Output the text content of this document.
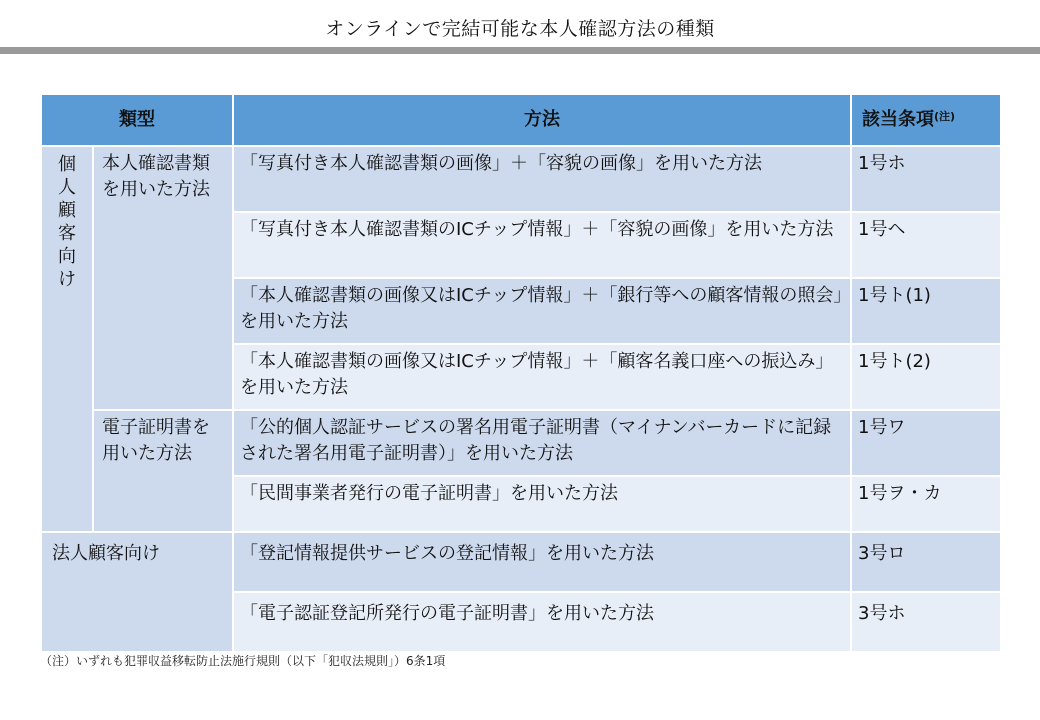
オンラインで完結可能な本人確認方法の種類
類型		方法	該当条項$^{(注)}$

個人顧客向け	本人確認書類を用いた方法	「写真付き本人確認書類の画像」＋「容貌の画像」を用いた方法	1号ホ
		「写真付き本人確認書類のICチップ情報」＋「容貌の画像」を用いた方法	1号ヘ
		「本人確認書類の画像又はICチップ情報」＋「銀行等への顧客情報の照会」を用いた方法	1号ト(1)
		「本人確認書類の画像又はICチップ情報」＋「顧客名義口座への振込み」を用いた方法	1号ト(2)
	電子証明書を用いた方法	「公的個人認証サービスの署名用電子証明書（マイナンバーカードに記録された署名用電子証明書）」を用いた方法	1号ワ
		「民間事業者発行の電子証明書」を用いた方法	1号ヲ・カ
法人顧客向け		「登記情報提供サービスの登記情報」を用いた方法	3号ロ
		「電子認証登記所発行の電子証明書」を用いた方法	3号ホ
（注）いずれも犯罪収益移転防止法施行規則（以下「犯収法規則」）6条1項
